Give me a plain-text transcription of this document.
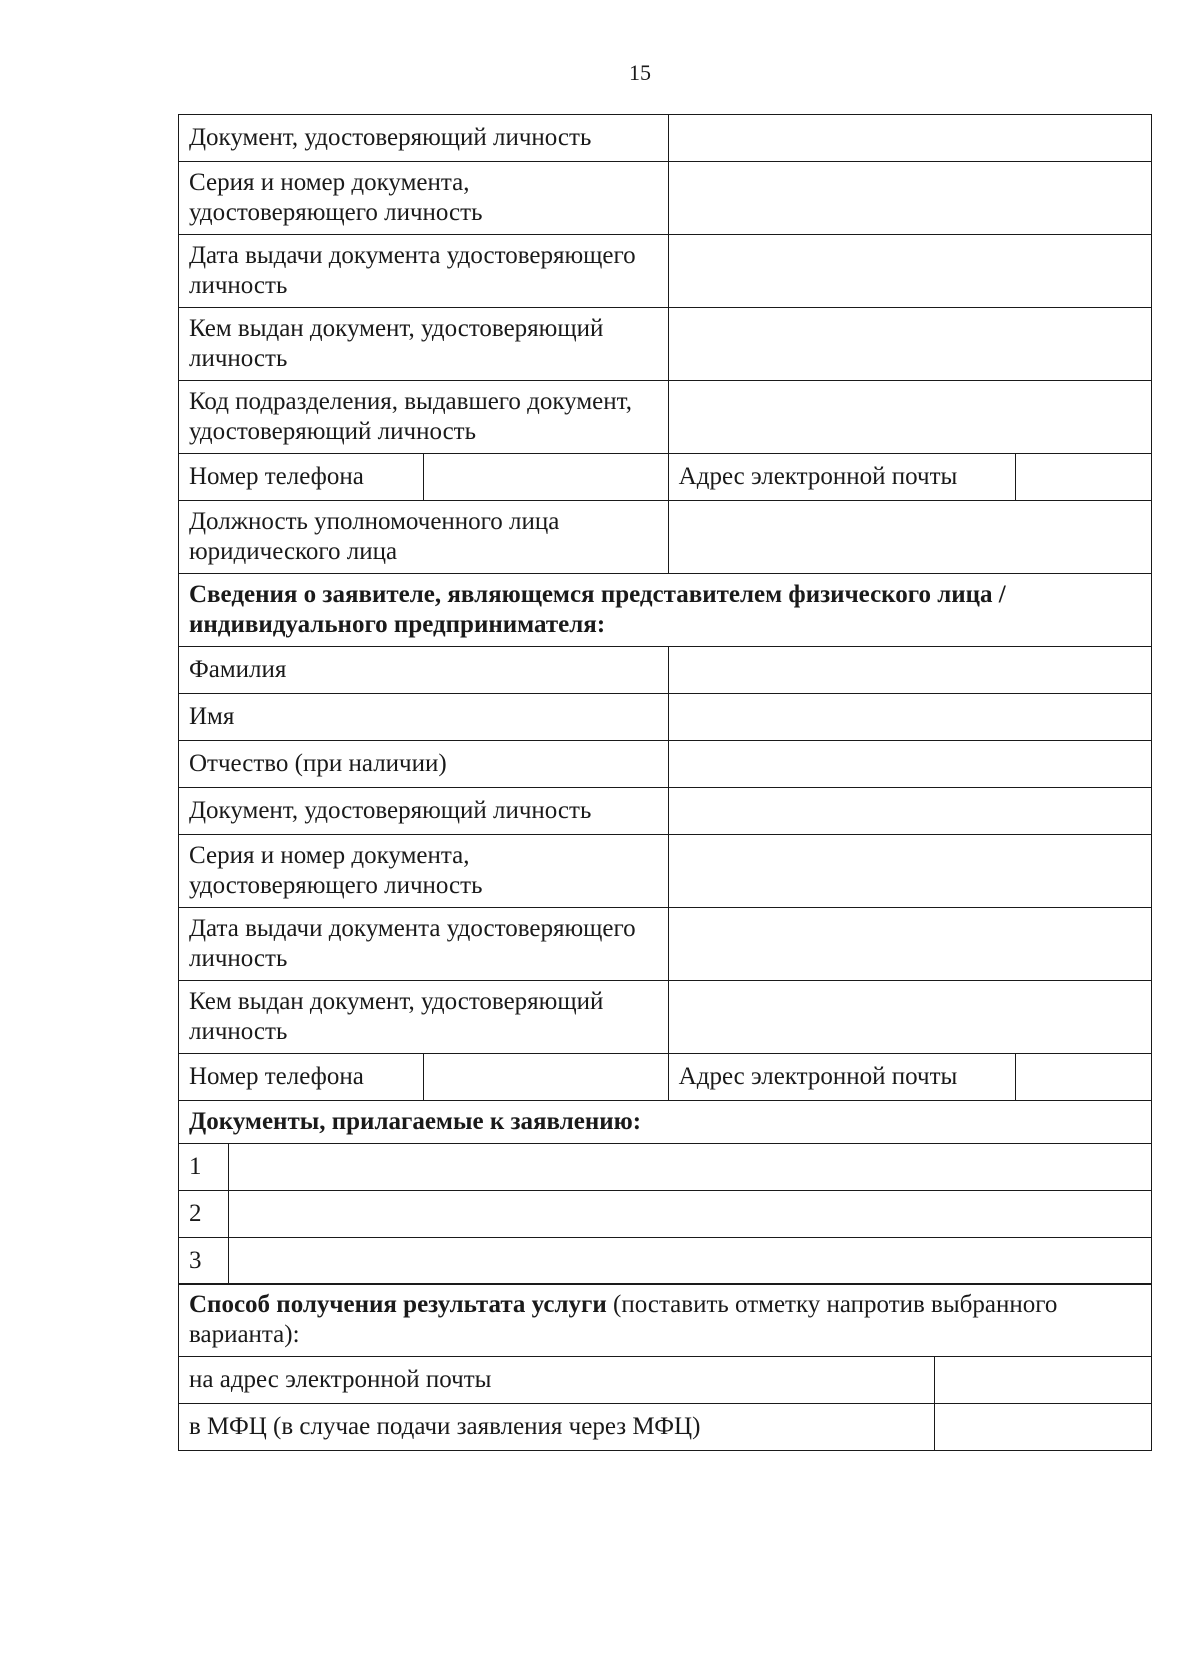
15
Документ, удостоверяющий личность			
Серия и номер документа, удостоверяющего личность			
Дата выдачи документа удостоверяющего личность			
Кем выдан документ, удостоверяющий личность			
Код подразделения, выдавшего документ, удостоверяющий личность			
Номер телефона		Адрес электронной почты	
Должность уполномоченного лица юридического лица			
Сведения о заявителе, являющемся представителем физического лица / индивидуального предпринимателя:			
Фамилия			
Имя			
Отчество (при наличии)			
Документ, удостоверяющий личность			
Серия и номер документа, удостоверяющего личность			
Дата выдачи документа удостоверяющего личность			
Кем выдан документ, удостоверяющий личность			
Номер телефона		Адрес электронной почты	
Документы, прилагаемые к заявлению:			
1	
2	
3	
Способ получения результата услуги (поставить отметку напротив выбранного варианта):	
на адрес электронной почты	
в МФЦ (в случае подачи заявления через МФЦ)	
